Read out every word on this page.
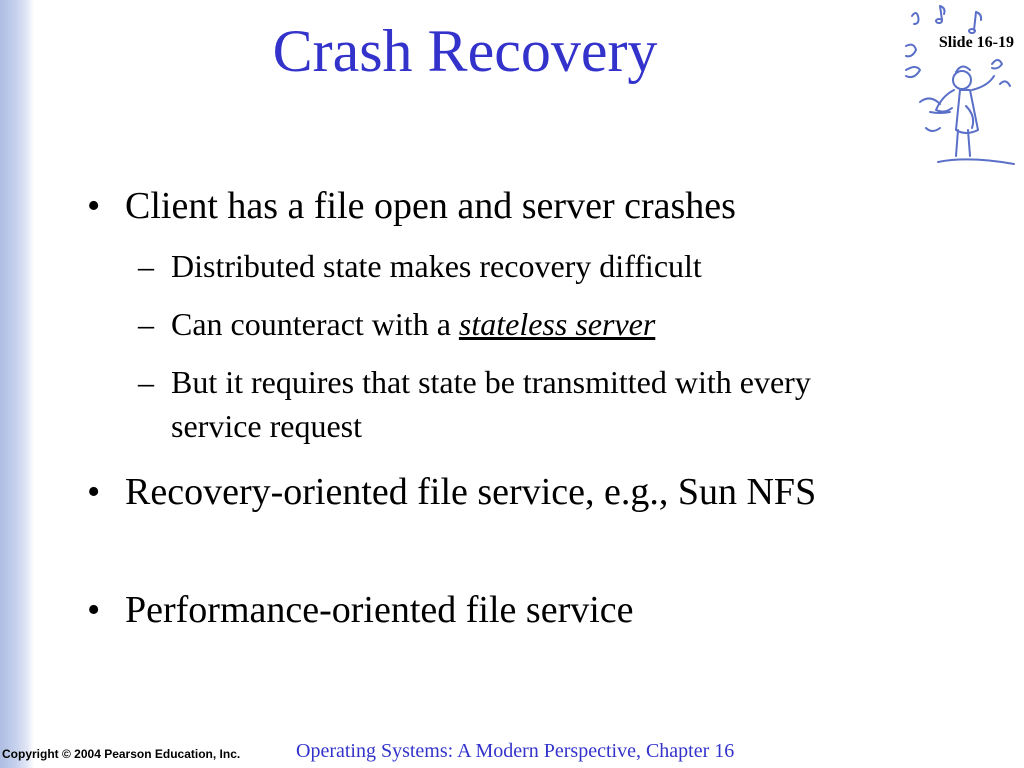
Crash Recovery	Slide 16-19
• Client has a file open and server crashes
– Distributed state makes recovery difficult
– Can counteract with a stateless server
– But it requires that state be transmitted with every service request
• Recovery-oriented file service, e.g., Sun NFS
• Performance-oriented file service
Copyright © 2004 Pearson Education, Inc.	Operating Systems: A Modern Perspective, Chapter 16
